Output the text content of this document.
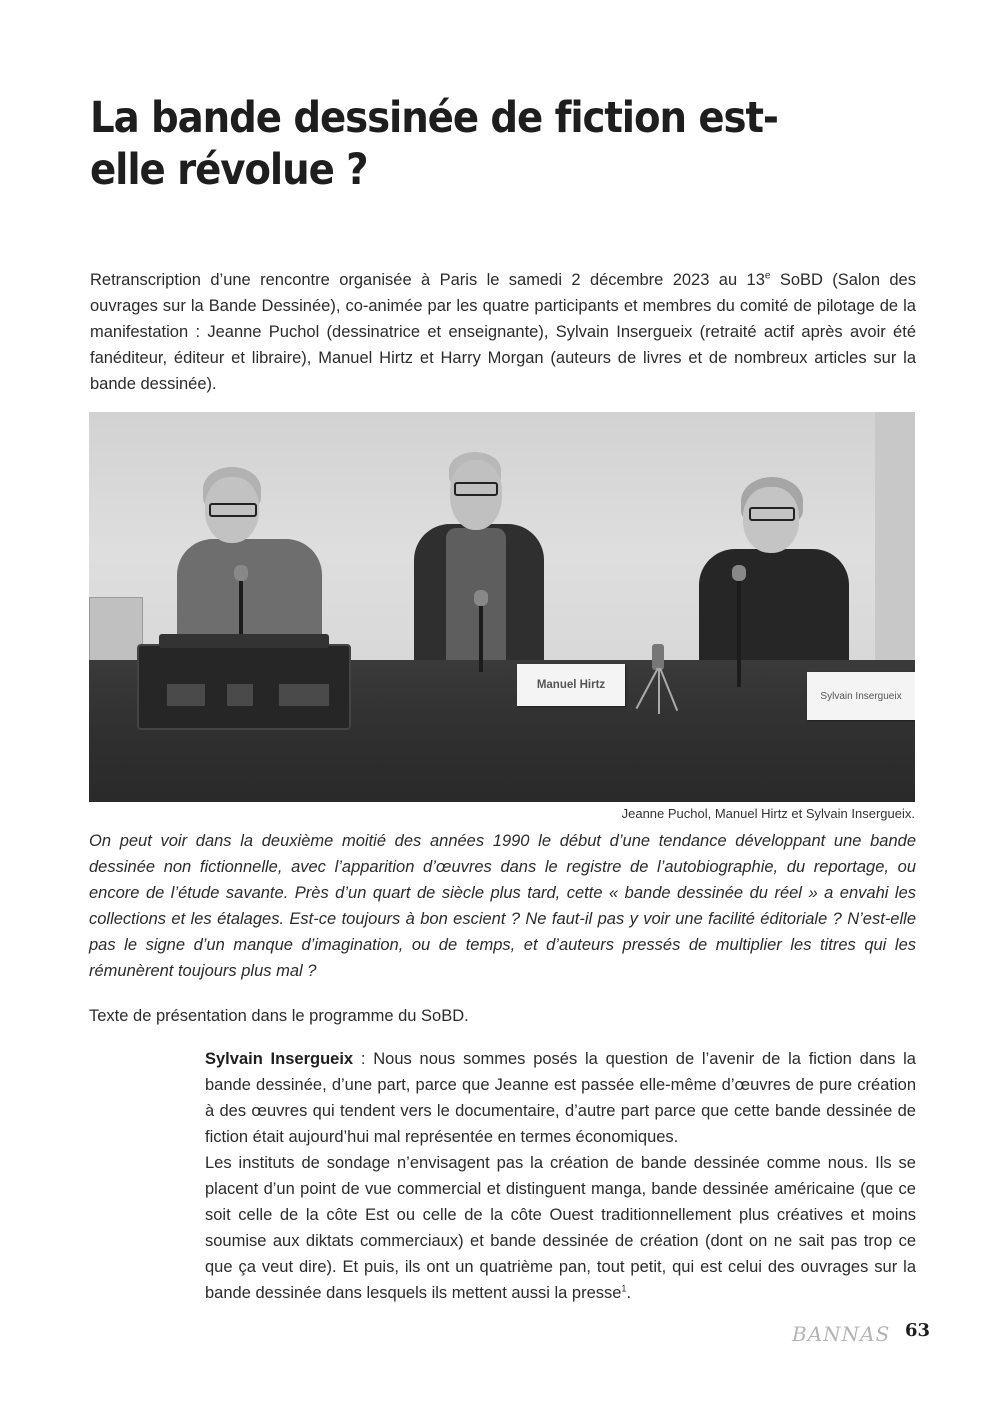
La bande dessinée de fiction est-elle révolue ?

Retranscription d’une rencontre organisée à Paris le samedi 2 décembre 2023 au 13e SoBD (Salon des ouvrages sur la Bande Dessinée), co-animée par les quatre participants et membres du comité de pilotage de la manifestation : Jeanne Puchol (dessinatrice et enseignante), Sylvain Insergueix (retraité actif après avoir été fanéditeur, éditeur et libraire), Manuel Hirtz et Harry Morgan (auteurs de livres et de nombreux articles sur la bande dessinée).

Manuel Hirtz
Sylvain Insergueix

Jeanne Puchol, Manuel Hirtz et Sylvain Insergueix.

On peut voir dans la deuxième moitié des années 1990 le début d’une tendance développant une bande dessinée non fictionnelle, avec l’apparition d’œuvres dans le registre de l’autobiographie, du reportage, ou encore de l’étude savante. Près d’un quart de siècle plus tard, cette « bande dessinée du réel » a envahi les collections et les étalages. Est-ce toujours à bon escient ? Ne faut-il pas y voir une facilité éditoriale ? N’est-elle pas le signe d’un manque d’imagination, ou de temps, et d’auteurs pressés de multiplier les titres qui les rémunèrent toujours plus mal ?

Texte de présentation dans le programme du SoBD.

Sylvain Insergueix : Nous nous sommes posés la question de l’avenir de la fiction dans la bande dessinée, d’une part, parce que Jeanne est passée elle-même d’œuvres de pure création à des œuvres qui tendent vers le documentaire, d’autre part parce que cette bande dessinée de fiction était aujourd’hui mal représentée en termes économiques.

Les instituts de sondage n’envisagent pas la création de bande dessinée comme nous. Ils se placent d’un point de vue commercial et distinguent manga, bande dessinée américaine (que ce soit celle de la côte Est ou celle de la côte Ouest traditionnellement plus créatives et moins soumise aux diktats commerciaux) et bande dessinée de création (dont on ne sait pas trop ce que ça veut dire). Et puis, ils ont un quatrième pan, tout petit, qui est celui des ouvrages sur la bande dessinée dans lesquels ils mettent aussi la presse$^1$.

BANNAS 63
